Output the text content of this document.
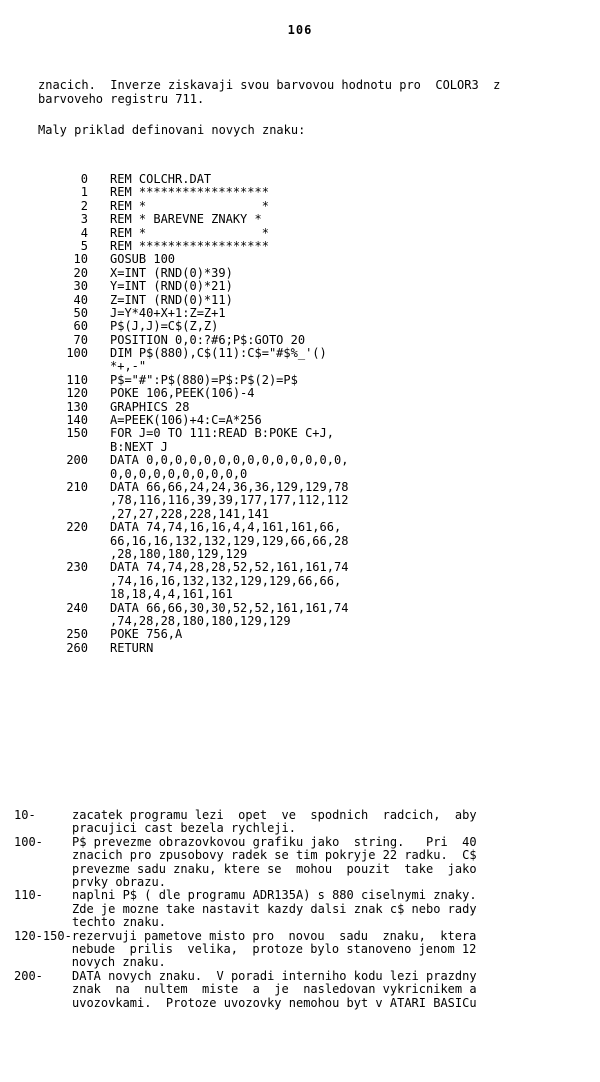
106
znacich.  Inverze ziskavaji svou barvovou hodnotu pro  COLOR3  z
barvoveho registru 711.
Maly priklad definovani novych znaku:
0	REM COLCHR.DAT
1	REM ******************
2	REM *                *
3	REM * BAREVNE ZNAKY *
4	REM *                *
5	REM ******************
10	GOSUB 100
20	X=INT (RND(0)*39)
30	Y=INT (RND(0)*21)
40	Z=INT (RND(0)*11)
50	J=Y*40+X+1:Z=Z+1
60	P$(J,J)=C$(Z,Z)
70	POSITION 0,0:?#6;P$:GOTO 20
100	DIM P$(880),C$(11):C$="#$%_'()
*+,-"
110	P$="#":P$(880)=P$:P$(2)=P$
120	POKE 106,PEEK(106)-4
130	GRAPHICS 28
140	A=PEEK(106)+4:C=A*256
150	FOR J=0 TO 111:READ B:POKE C+J,
B:NEXT J
200	DATA 0,0,0,0,0,0,0,0,0,0,0,0,0,0,
0,0,0,0,0,0,0,0,0,0
210	DATA 66,66,24,24,36,36,129,129,78
,78,116,116,39,39,177,177,112,112
,27,27,228,228,141,141
220	DATA 74,74,16,16,4,4,161,161,66,
66,16,16,132,132,129,129,66,66,28
,28,180,180,129,129
230	DATA 74,74,28,28,52,52,161,161,74
,74,16,16,132,132,129,129,66,66,
18,18,4,4,161,161
240	DATA 66,66,30,30,52,52,161,161,74
,74,28,28,180,180,129,129
250	POKE 756,A
260	RETURN
10-	zacatek programu lezi  opet  ve  spodnich  radcich,  aby
pracujici cast bezela rychleji.
100-	P$ prevezme obrazovkovou grafiku jako  string.   Pri  40
znacich pro zpusobovy radek se tim pokryje 22 radku.  C$
prevezme sadu znaku, ktere se  mohou  pouzit  take  jako
prvky obrazu.
110-	naplni P$ ( dle programu ADR135A) s 880 ciselnymi znaky.
Zde je mozne take nastavit kazdy dalsi znak c$ nebo rady
techto znaku.
120-150- rezervuji pametove misto pro  novou  sadu  znaku,  ktera
nebude  prilis  velika,  protoze bylo stanoveno jenom 12
novych znaku.
200-	DATA novych znaku.  V poradi interniho kodu lezi prazdny
znak  na  nultem  miste  a  je  nasledovan vykricnikem a
uvozovkami.  Protoze uvozovky nemohou byt v ATARI BASICu
